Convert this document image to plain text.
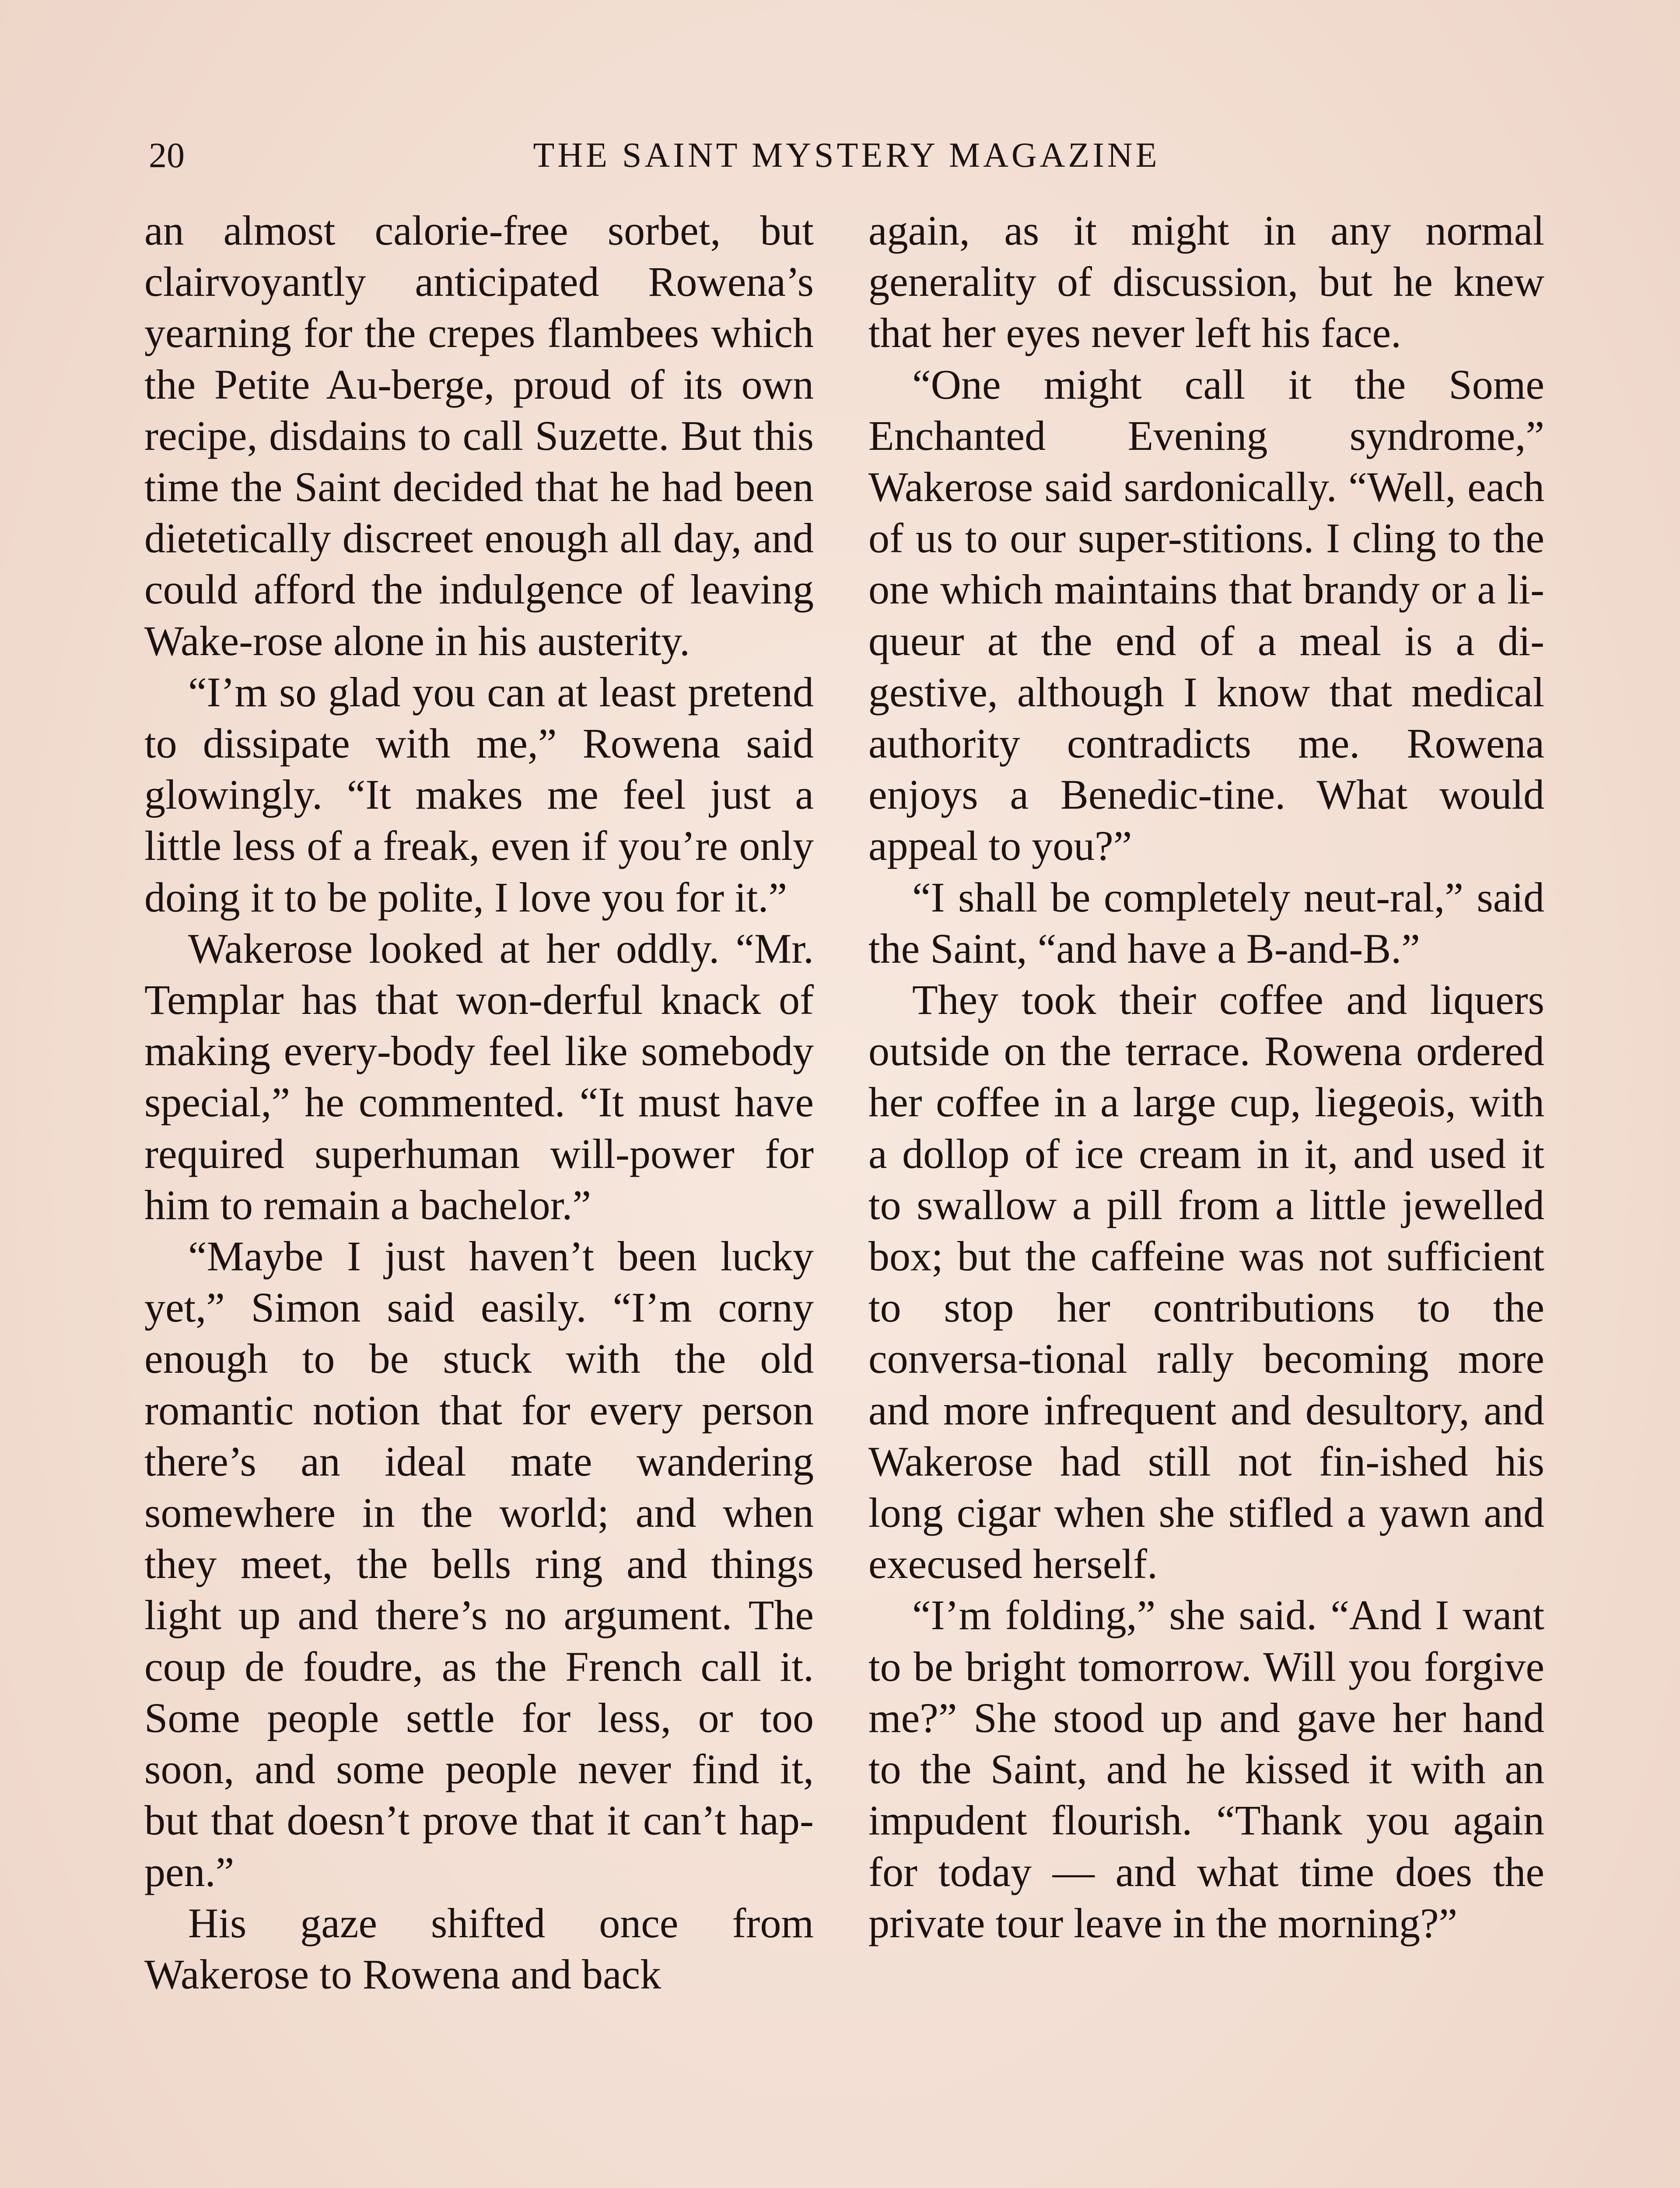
20	THE SAINT MYSTERY MAGAZINE

an almost calorie-free sorbet, but clairvoyantly anticipated Rowena’s yearning for the crepes flambees which the Petite Au-berge, proud of its own recipe, disdains to call Suzette. But this time the Saint decided that he had been dietetically discreet enough all day, and could afford the indulgence of leaving Wake-rose alone in his austerity.

“I’m so glad you can at least pretend to dissipate with me,” Rowena said glowingly. “It makes me feel just a little less of a freak, even if you’re only doing it to be polite, I love you for it.”

Wakerose looked at her oddly. “Mr. Templar has that won-derful knack of making every-body feel like somebody special,” he commented. “It must have required superhuman will-power for him to remain a bachelor.”

“Maybe I just haven’t been lucky yet,” Simon said easily. “I’m corny enough to be stuck with the old romantic notion that for every person there’s an ideal mate wandering somewhere in the world; and when they meet, the bells ring and things light up and there’s no argument. The coup de foudre, as the French call it. Some people settle for less, or too soon, and some people never find it, but that doesn’t prove that it can’t hap-pen.”

His gaze shifted once from Wakerose to Rowena and back

again, as it might in any normal generality of discussion, but he knew that her eyes never left his face.

“One might call it the Some Enchanted Evening syndrome,” Wakerose said sardonically. “Well, each of us to our super-stitions. I cling to the one which maintains that brandy or a li-queur at the end of a meal is a di-gestive, although I know that medical authority contradicts me. Rowena enjoys a Benedic-tine. What would appeal to you?”

“I shall be completely neut-ral,” said the Saint, “and have a B-and-B.”

They took their coffee and liquers outside on the terrace. Rowena ordered her coffee in a large cup, liegeois, with a dollop of ice cream in it, and used it to swallow a pill from a little jewelled box; but the caffeine was not sufficient to stop her contributions to the conversa-tional rally becoming more and more infrequent and desultory, and Wakerose had still not fin-ished his long cigar when she stifled a yawn and execused herself.

“I’m folding,” she said. “And I want to be bright tomorrow. Will you forgive me?” She stood up and gave her hand to the Saint, and he kissed it with an impudent flourish. “Thank you again for today — and what time does the private tour leave in the morning?”
